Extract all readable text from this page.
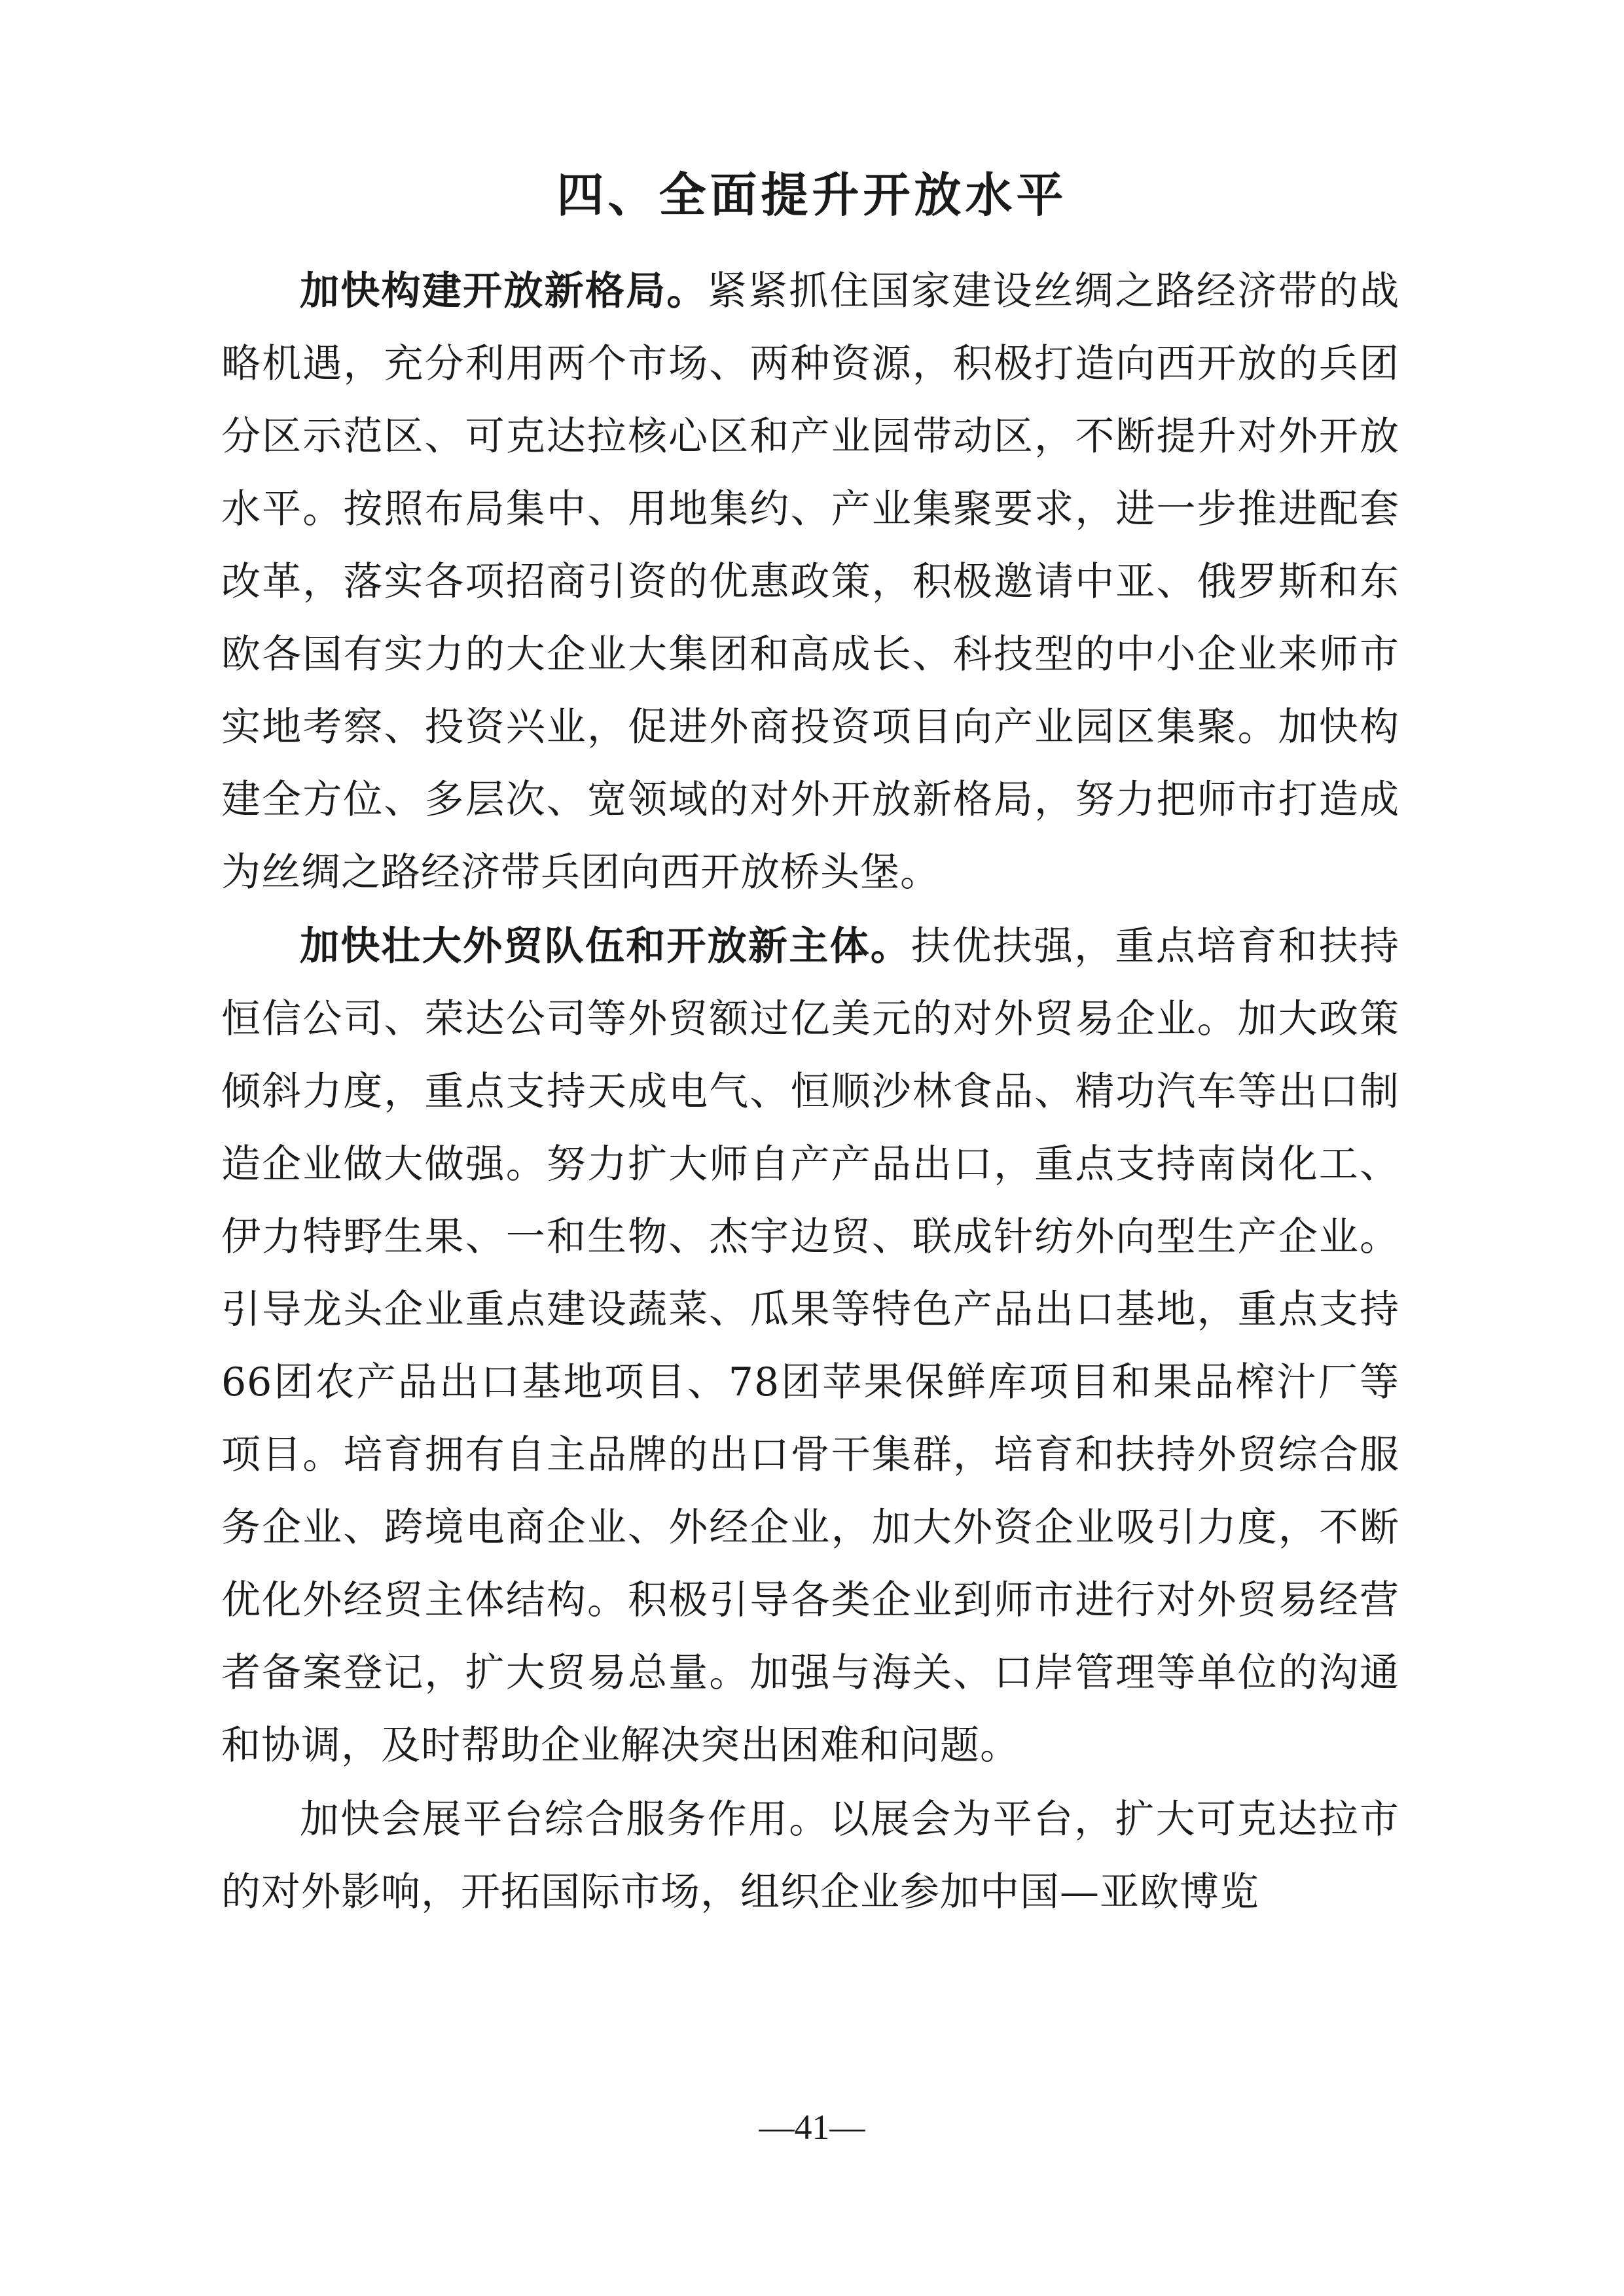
四、全面提升开放水平

加快构建开放新格局。紧紧抓住国家建设丝绸之路经济带的战略机遇，充分利用两个市场、两种资源，积极打造向西开放的兵团分区示范区、可克达拉核心区和产业园带动区，不断提升对外开放水平。按照布局集中、用地集约、产业集聚要求，进一步推进配套改革，落实各项招商引资的优惠政策，积极邀请中亚、俄罗斯和东欧各国有实力的大企业大集团和高成长、科技型的中小企业来师市实地考察、投资兴业，促进外商投资项目向产业园区集聚。加快构建全方位、多层次、宽领域的对外开放新格局，努力把师市打造成为丝绸之路经济带兵团向西开放桥头堡。

加快壮大外贸队伍和开放新主体。扶优扶强，重点培育和扶持恒信公司、荣达公司等外贸额过亿美元的对外贸易企业。加大政策倾斜力度，重点支持天成电气、恒顺沙林食品、精功汽车等出口制造企业做大做强。努力扩大师自产产品出口，重点支持南岗化工、伊力特野生果、一和生物、杰宇边贸、联成针纺外向型生产企业。引导龙头企业重点建设蔬菜、瓜果等特色产品出口基地，重点支持66团农产品出口基地项目、78团苹果保鲜库项目和果品榨汁厂等项目。培育拥有自主品牌的出口骨干集群，培育和扶持外贸综合服务企业、跨境电商企业、外经企业，加大外资企业吸引力度，不断优化外经贸主体结构。积极引导各类企业到师市进行对外贸易经营者备案登记，扩大贸易总量。加强与海关、口岸管理等单位的沟通和协调，及时帮助企业解决突出困难和问题。

加快会展平台综合服务作用。以展会为平台，扩大可克达拉市的对外影响，开拓国际市场，组织企业参加中国—亚欧博览

—41—
